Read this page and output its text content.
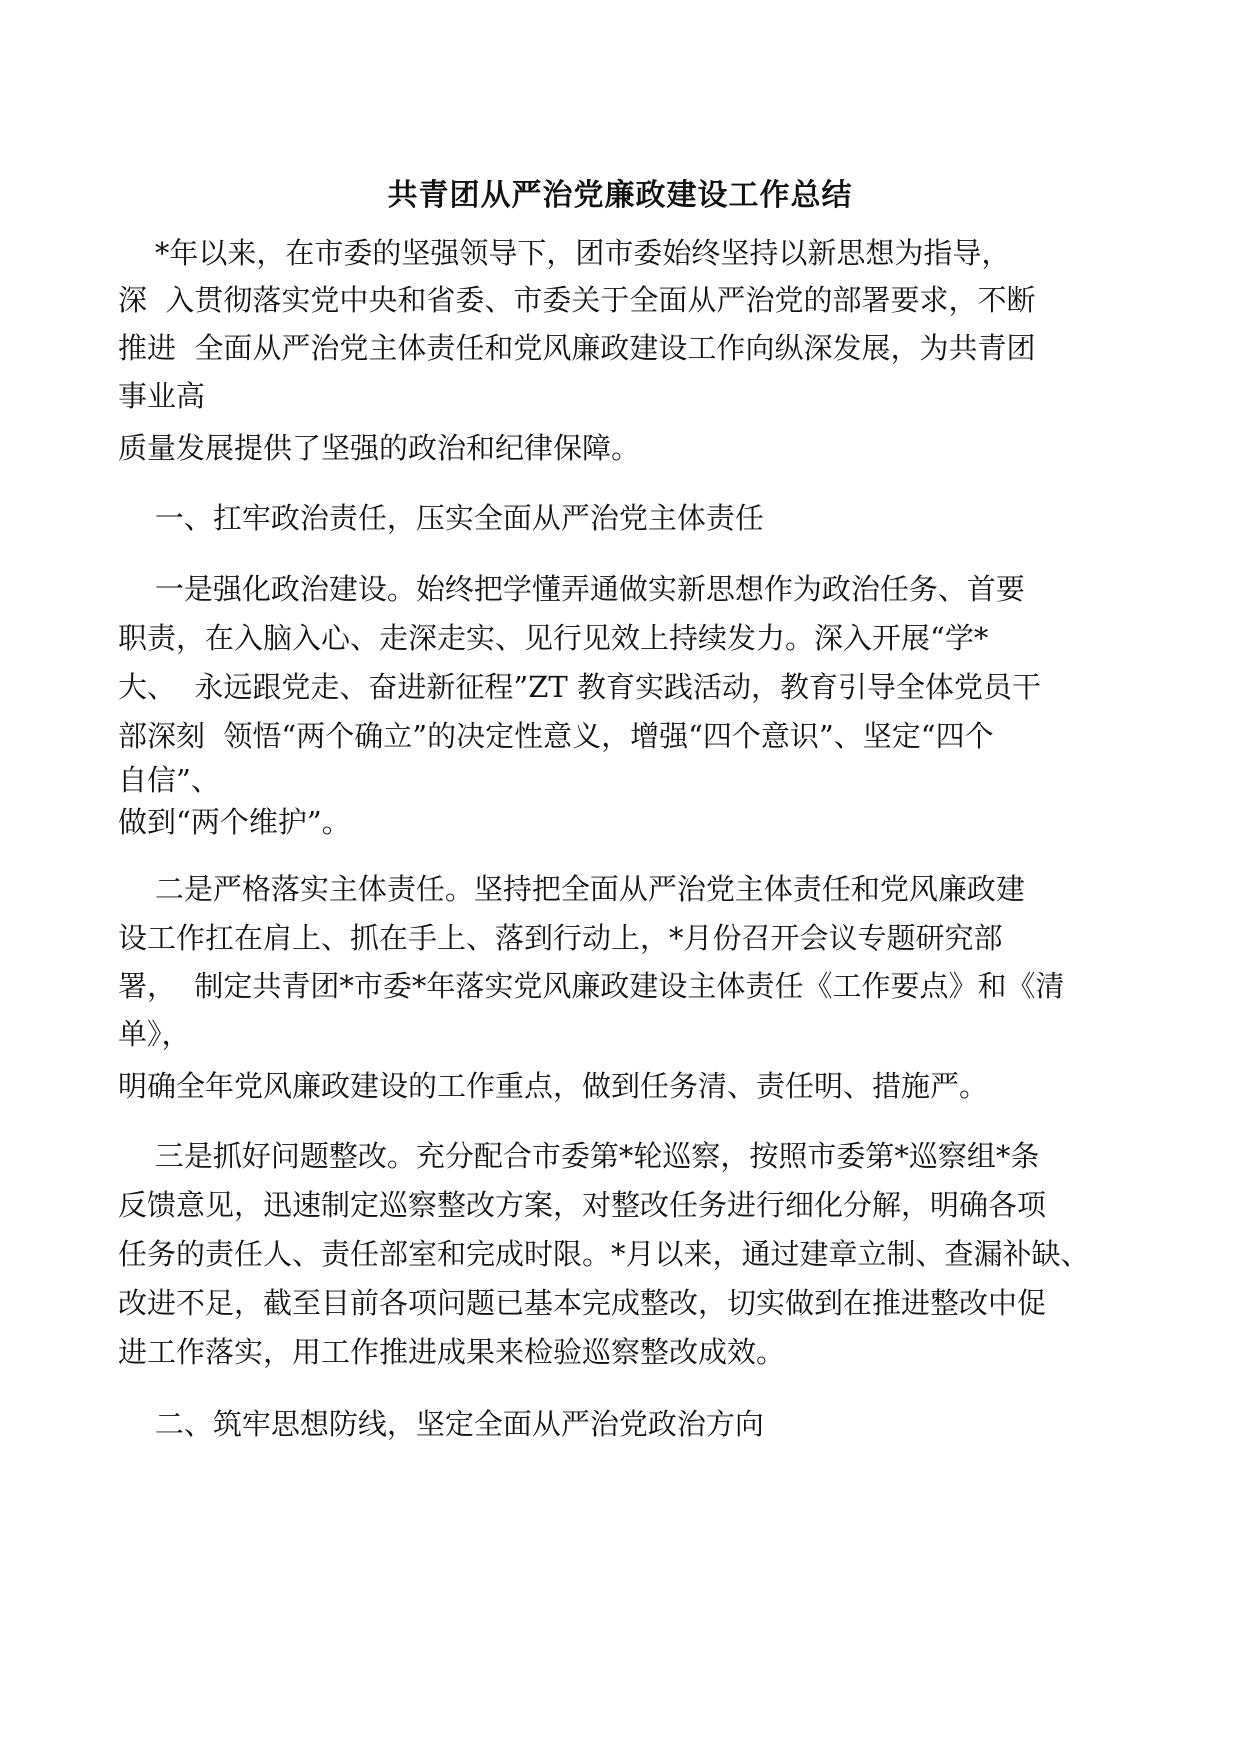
共青团从严治党廉政建设工作总结
*年以来，在市委的坚强领导下，团市委始终坚持以新思想为指导，
深  入贯彻落实党中央和省委、市委关于全面从严治党的部署要求，不断
推进  全面从严治党主体责任和党风廉政建设工作向纵深发展，为共青团
事业高
质量发展提供了坚强的政治和纪律保障。
一、扛牢政治责任，压实全面从严治党主体责任
一是强化政治建设。始终把学懂弄通做实新思想作为政治任务、首要
职责，在入脑入心、走深走实、见行见效上持续发力。深入开展“学*
大、  永远跟党走、奋进新征程”ZT 教育实践活动，教育引导全体党员干
部深刻  领悟“两个确立”的决定性意义，增强“四个意识”、坚定“四个
自信”、
做到“两个维护”。
二是严格落实主体责任。坚持把全面从严治党主体责任和党风廉政建
设工作扛在肩上、抓在手上、落到行动上，*月份召开会议专题研究部
署，  制定共青团*市委*年落实党风廉政建设主体责任《工作要点》和《清
单》，
明确全年党风廉政建设的工作重点，做到任务清、责任明、措施严。
三是抓好问题整改。充分配合市委第*轮巡察，按照市委第*巡察组*条
反馈意见，迅速制定巡察整改方案，对整改任务进行细化分解，明确各项
任务的责任人、责任部室和完成时限。*月以来，通过建章立制、查漏补缺、
改进不足，截至目前各项问题已基本完成整改，切实做到在推进整改中促
进工作落实，用工作推进成果来检验巡察整改成效。
二、筑牢思想防线，坚定全面从严治党政治方向
